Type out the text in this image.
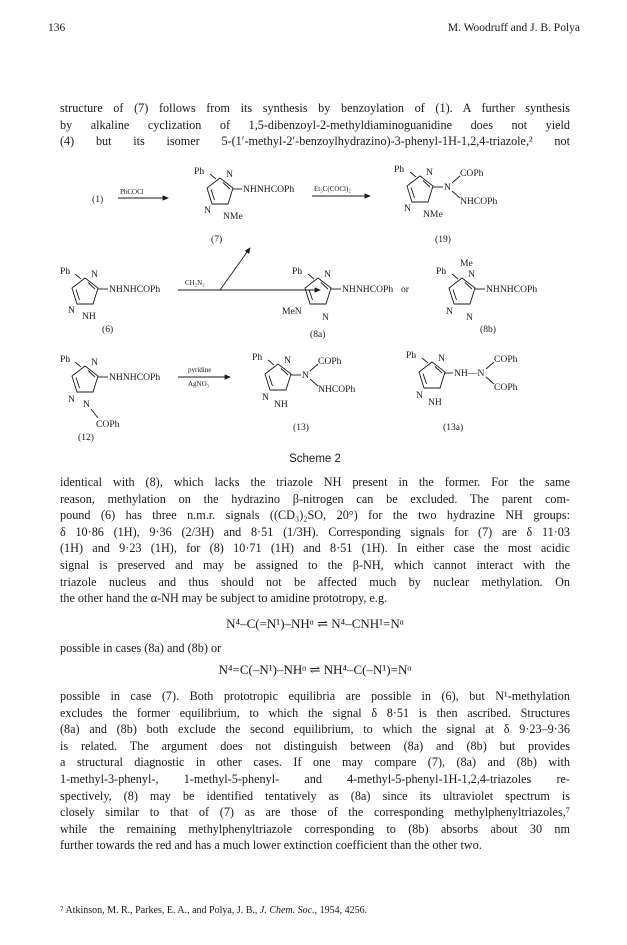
136	M. Woodruff and J. B. Polya
structure of (7) follows from its synthesis by benzoylation of (1). A further synthesis
by alkaline cyclization of 1,5-dibenzoyl-2-methyldiaminoguanidine does not yield
(4) but its isomer 5-(1′-methyl-2′-benzoylhydrazino)-3-phenyl-1H-1,2,4-triazole,² not
(1)
PhCOCl
Ph N
N
NMe
NHNHCOPh
(7)
Et₃C(COCl)₂
Ph N
N
NMe
N
COPh
NHCOPh
(19)
Ph N
N
NH
NHNHCOPh
(6)
CH₂N₂
Ph N
MeN
N
NHNHCOPh
(8a)
or
Ph
Me
N
N
N
NHNHCOPh
(8b)
Ph N
N N
NHNHCOPh
COPh
(12)
pyridine
AgNO₃
Ph N
N
NH
N
COPh
NHCOPh
(13)
Ph N
N
NH
NH—N
COPh
COPh
(13a)
Scheme 2
identical with (8), which lacks the triazole NH present in the former. For the same
reason, methylation on the hydrazino β-nitrogen can be excluded. The parent com-
pound (6) has three n.m.r. signals ((CD₃)₂SO, 20°) for the two hydrazine NH groups:
δ 10·86 (1H), 9·36 (2/3H) and 8·51 (1/3H). Corresponding signals for (7) are δ 11·03
(1H) and 9·23 (1H), for (8) 10·71 (1H) and 8·51 (1H). In either case the most acidic
signal is preserved and may be assigned to the β-NH, which cannot interact with the
triazole nucleus and thus should not be affected much by nuclear methylation. On
the other hand the α-NH may be subject to amidine prototropy, e.g.
N⁴–C(=N¹)–NHᵅ ⇌ N⁴–CNH¹=Nᵅ
possible in cases (8a) and (8b) or
N⁴=C(–N¹)–NHᵅ ⇌ NH⁴–C(–N¹)=Nᵅ
possible in case (7). Both prototropic equilibria are possible in (6), but N¹-methylation
excludes the former equilibrium, to which the signal δ 8·51 is then ascribed. Structures
(8a) and (8b) both exclude the second equilibrium, to which the signal at δ 9·23–9·36
is related. The argument does not distinguish between (8a) and (8b) but provides
a structural diagnostic in other cases. If one may compare (7), (8a) and (8b) with
1-methyl-3-phenyl-, 1-methyl-5-phenyl- and 4-methyl-5-phenyl-1H-1,2,4-triazoles re-
spectively, (8) may be identified tentatively as (8a) since its ultraviolet spectrum is
closely similar to that of (7) as are those of the corresponding methylphenyltriazoles,⁷
while the remaining methylphenyltriazole corresponding to (8b) absorbs about 30 nm
further towards the red and has a much lower extinction coefficient than the other two.
⁷ Atkinson, M. R., Parkes, E. A., and Polya, J. B., J. Chem. Soc., 1954, 4256.
